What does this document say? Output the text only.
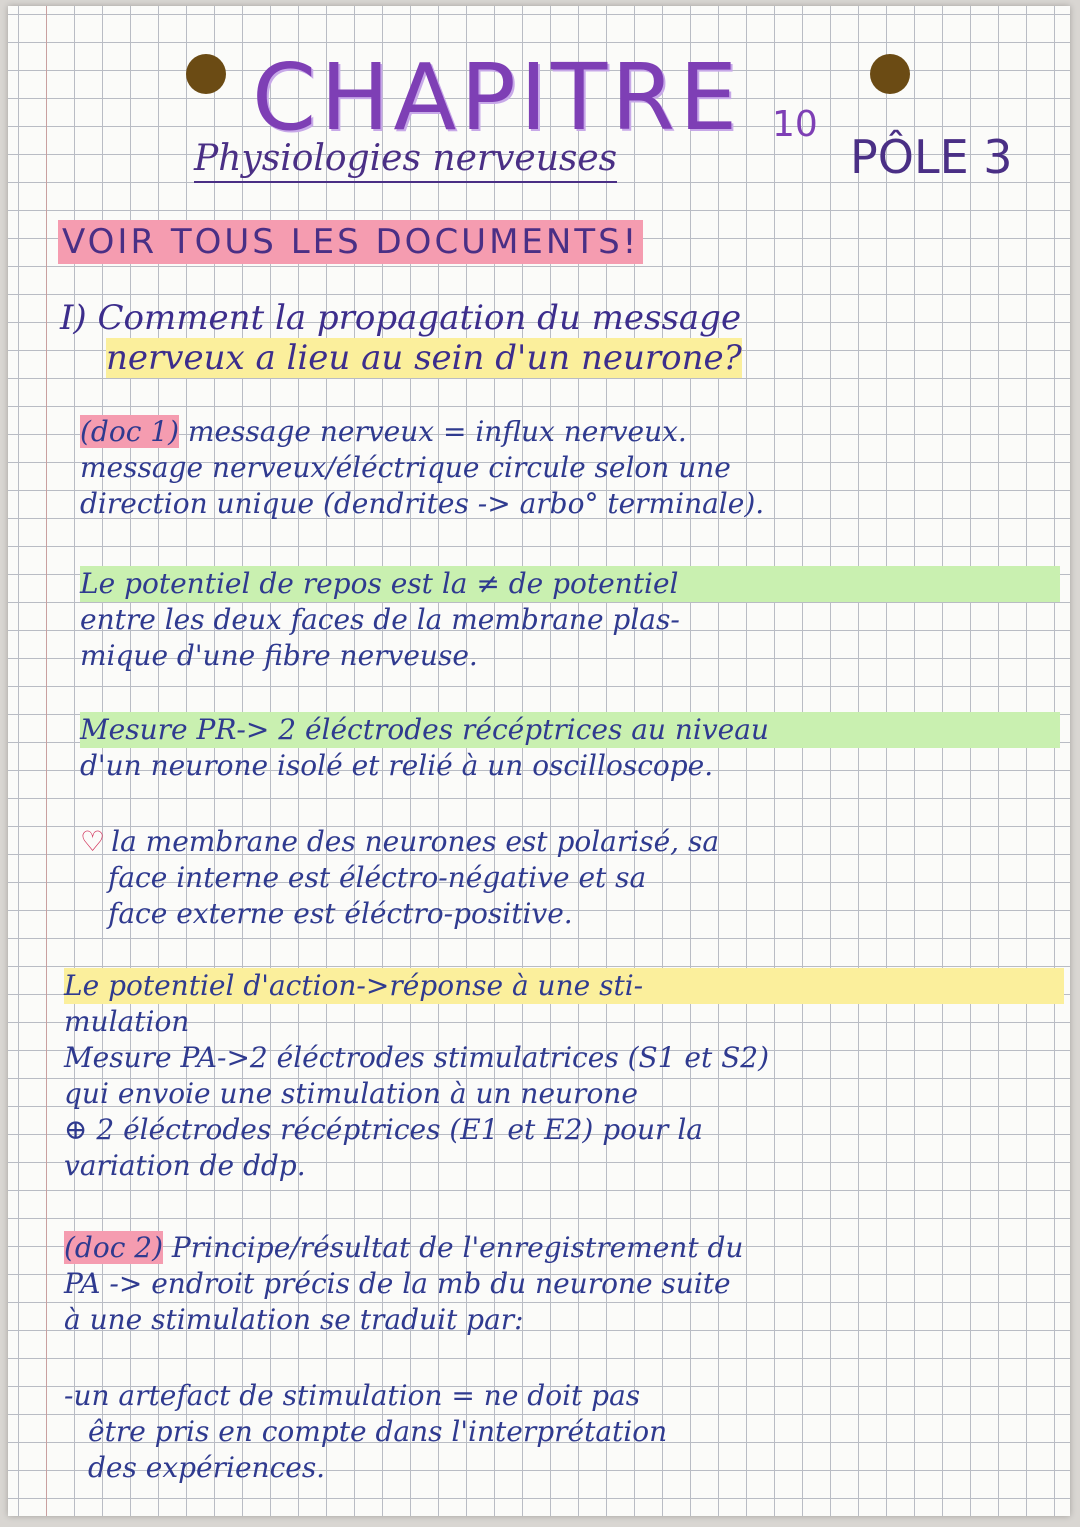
CHAPITRE 10
Physiologies nerveuses	PÔLE 3
VOIR TOUS LES DOCUMENTS!
I) Comment la propagation du message
nerveux a lieu au sein d'un neurone?
(doc 1) message nerveux = influx nerveux.
message nerveux/éléctrique circule selon une
direction unique (dendrites -> arbo° terminale).
Le potentiel de repos est la ≠ de potentiel
entre les deux faces de la membrane plas-
mique d'une fibre nerveuse.
Mesure PR-> 2 éléctrodes récéptrices au niveau
d'un neurone isolé et relié à un oscilloscope.
♡ la membrane des neurones est polarisé, sa
face interne est éléctro-négative et sa
face externe est éléctro-positive.
Le potentiel d'action->réponse à une sti-
mulation
Mesure PA->2 éléctrodes stimulatrices (S1 et S2)
qui envoie une stimulation à un neurone
⊕ 2 éléctrodes récéptrices (E1 et E2) pour la
variation de ddp.
(doc 2) Principe/résultat de l'enregistrement du
PA -> endroit précis de la mb du neurone suite
à une stimulation se traduit par:
-un artefact de stimulation = ne doit pas
être pris en compte dans l'interprétation
des expériences.
